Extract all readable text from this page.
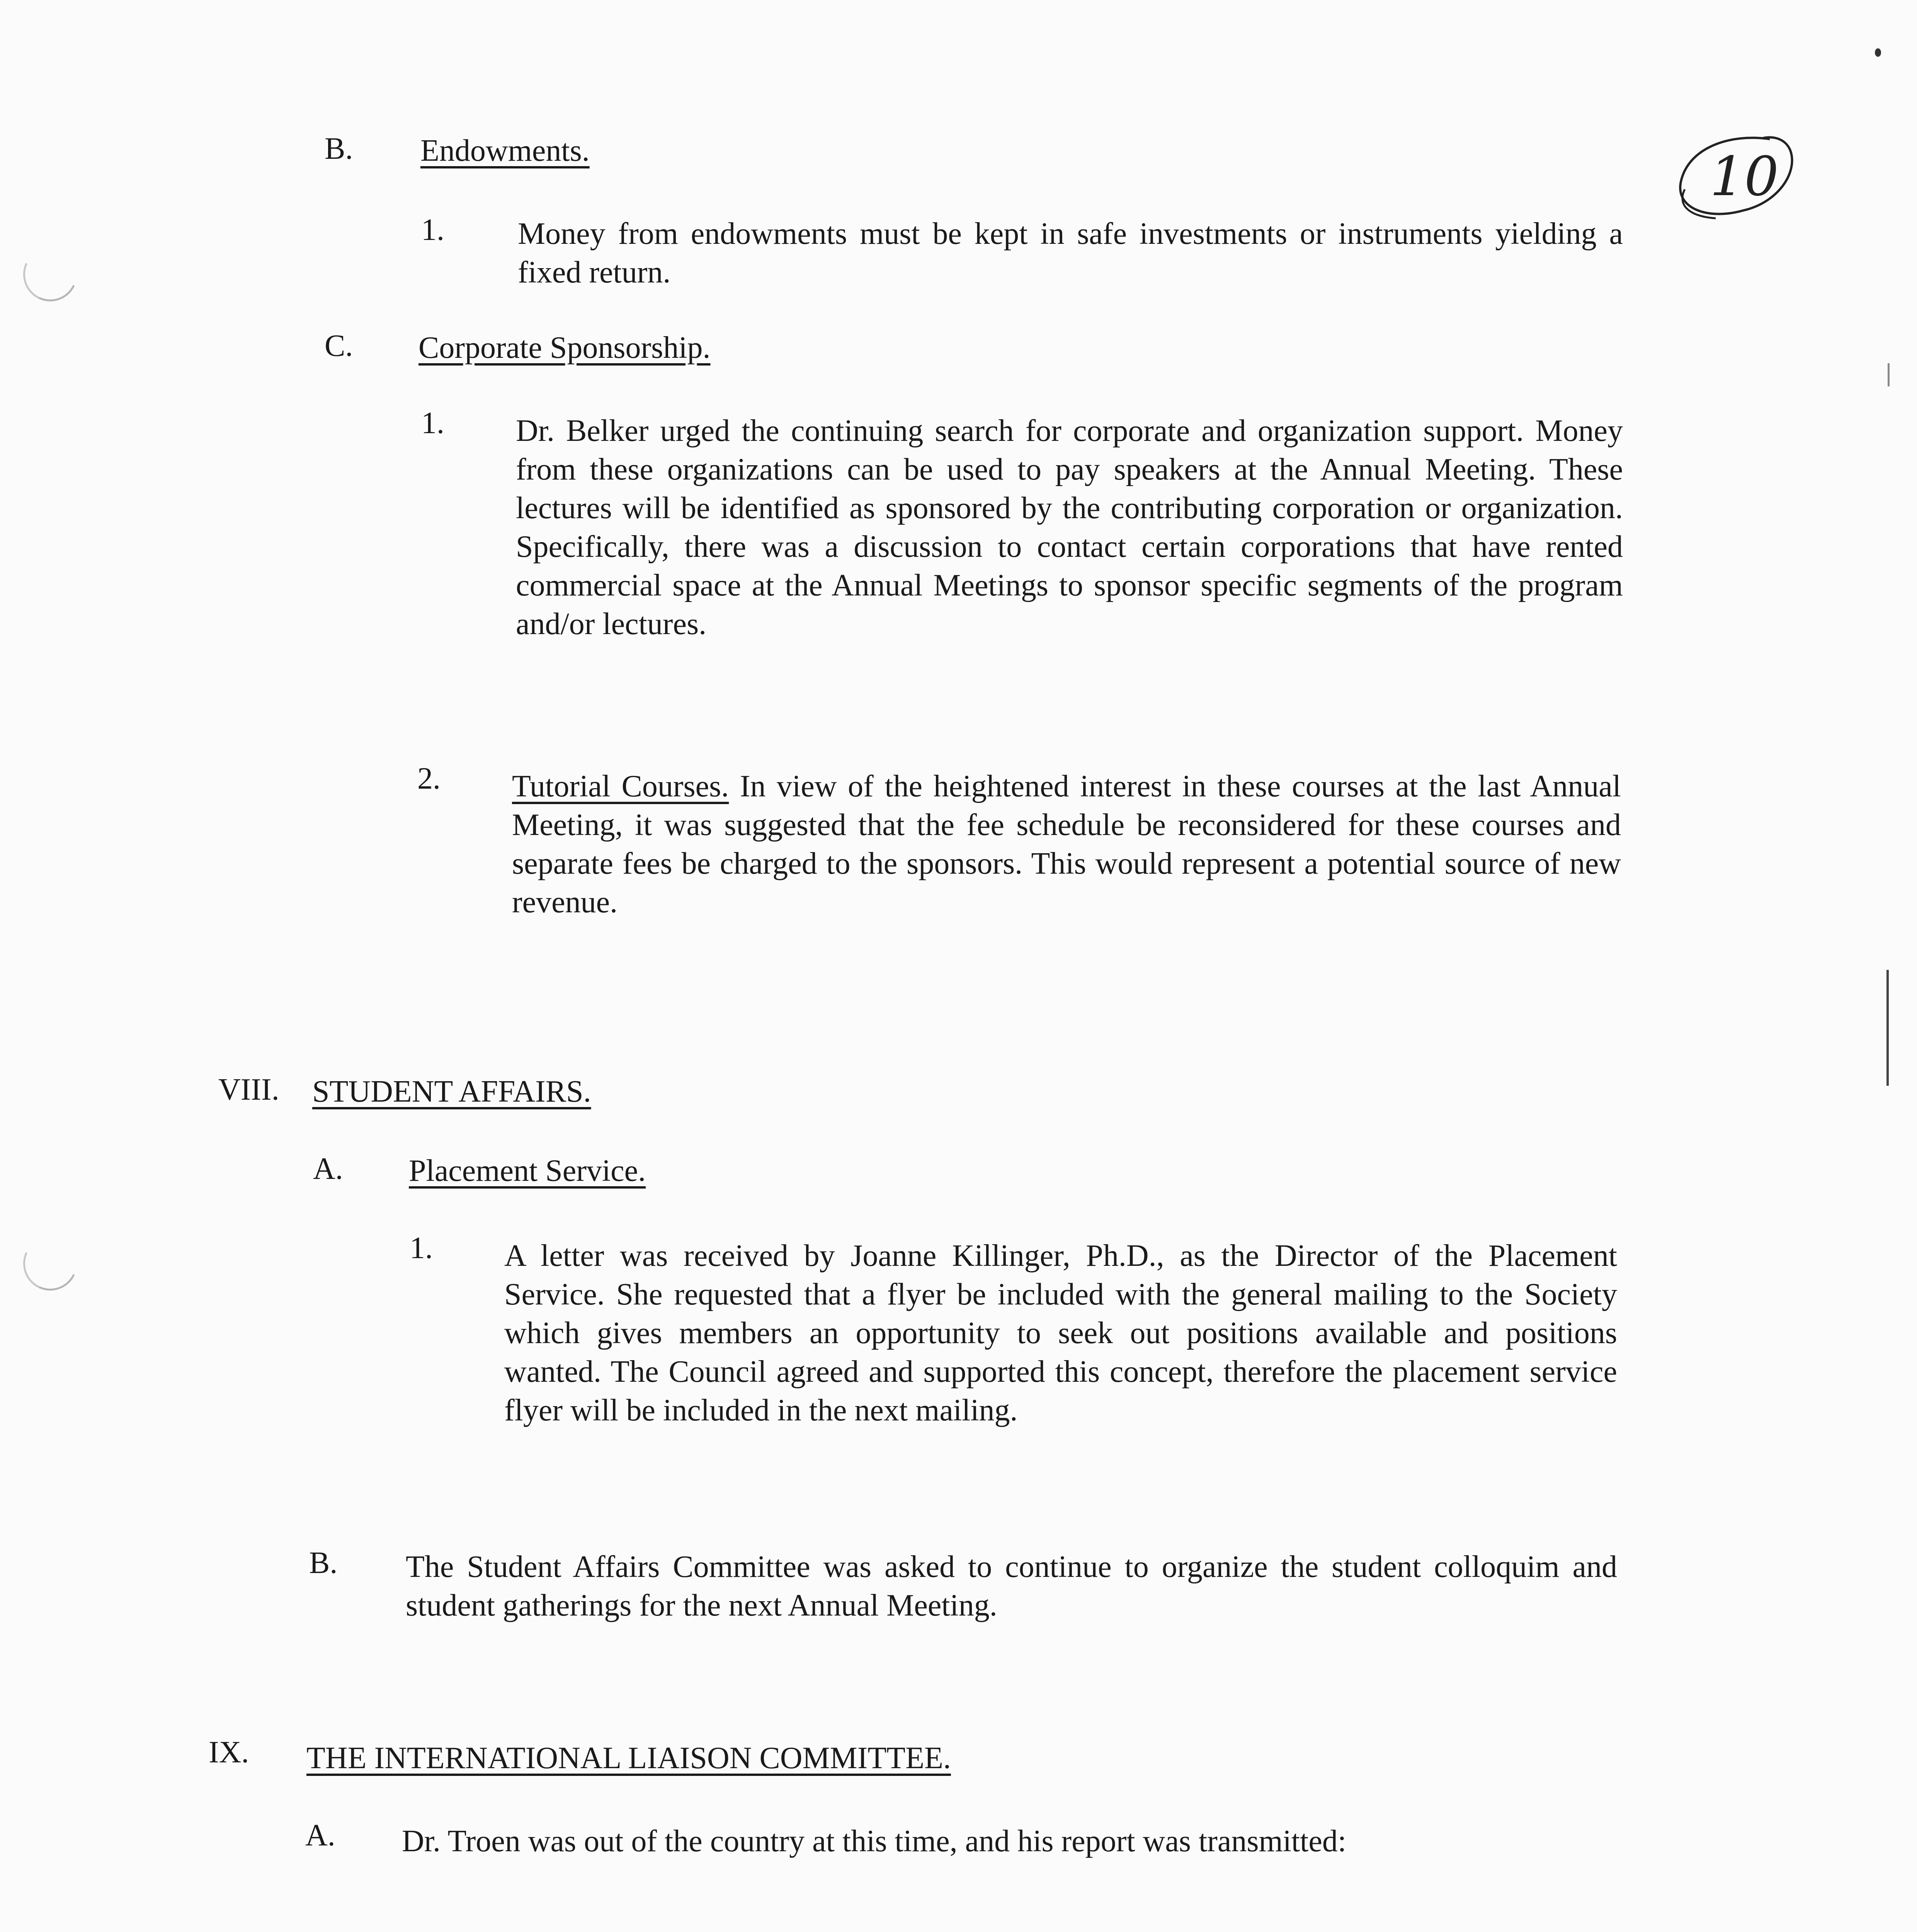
10

B. Endowments.

1. Money from endowments must be kept in safe investments or instruments yielding a fixed return.

C. Corporate Sponsorship.

1. Dr. Belker urged the continuing search for corporate and organization support. Money from these organizations can be used to pay speakers at the Annual Meeting. These lectures will be identified as sponsored by the contributing corporation or organization. Specifically, there was a discussion to contact certain corporations that have rented commercial space at the Annual Meetings to sponsor specific segments of the program and/or lectures.

2. Tutorial Courses. In view of the heightened interest in these courses at the last Annual Meeting, it was suggested that the fee schedule be reconsidered for these courses and separate fees be charged to the sponsors. This would represent a potential source of new revenue.

VIII. STUDENT AFFAIRS.

A. Placement Service.

1. A letter was received by Joanne Killinger, Ph.D., as the Director of the Placement Service. She requested that a flyer be included with the general mailing to the Society which gives members an opportunity to seek out positions available and positions wanted. The Council agreed and supported this concept, therefore the placement service flyer will be included in the next mailing.

B. The Student Affairs Committee was asked to continue to organize the student colloquim and student gatherings for the next Annual Meeting.

IX. THE INTERNATIONAL LIAISON COMMITTEE.

A. Dr. Troen was out of the country at this time, and his report was transmitted:
